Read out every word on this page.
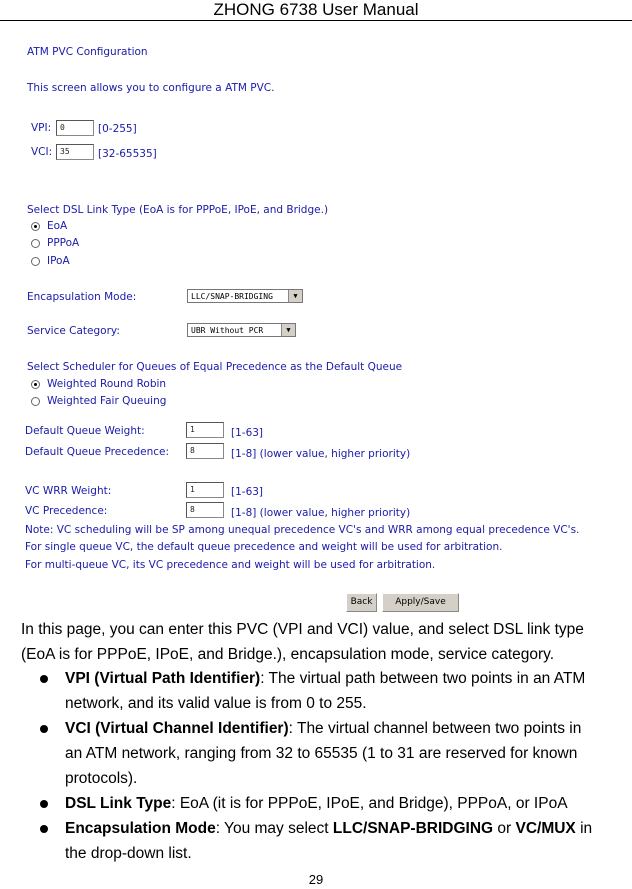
ZHONG 6738 User Manual
ATM PVC Configuration
This screen allows you to configure a ATM PVC.
VPI:	0	[0-255]
VCI: 35	[32-65535]
Select DSL Link Type (EoA is for PPPoE, IPoE, and Bridge.)
EoA
PPPoA
IPoA
Encapsulation Mode:	LLC/SNAP-BRIDGING	▼
Service Category:	UBR Without PCR	▼
Select Scheduler for Queues of Equal Precedence as the Default Queue
Weighted Round Robin
Weighted Fair Queuing
Default Queue Weight:	1	[1-63]
Default Queue Precedence:	8	[1-8] (lower value, higher priority)
VC WRR Weight:	1	[1-63]
VC Precedence:	8	[1-8] (lower value, higher priority)
Note: VC scheduling will be SP among unequal precedence VC's and WRR among equal precedence VC's.
For single queue VC, the default queue precedence and weight will be used for arbitration.
For multi-queue VC, its VC precedence and weight will be used for arbitration.
Back	Apply/Save
In this page, you can enter this PVC (VPI and VCI) value, and select DSL link type
(EoA is for PPPoE, IPoE, and Bridge.), encapsulation mode, service category.
VPI (Virtual Path Identifier): The virtual path between two points in an ATM
network, and its valid value is from 0 to 255.
VCI (Virtual Channel Identifier): The virtual channel between two points in
an ATM network, ranging from 32 to 65535 (1 to 31 are reserved for known
protocols).
DSL Link Type: EoA (it is for PPPoE, IPoE, and Bridge), PPPoA, or IPoA
Encapsulation Mode: You may select LLC/SNAP-BRIDGING or VC/MUX in
the drop-down list.
29
